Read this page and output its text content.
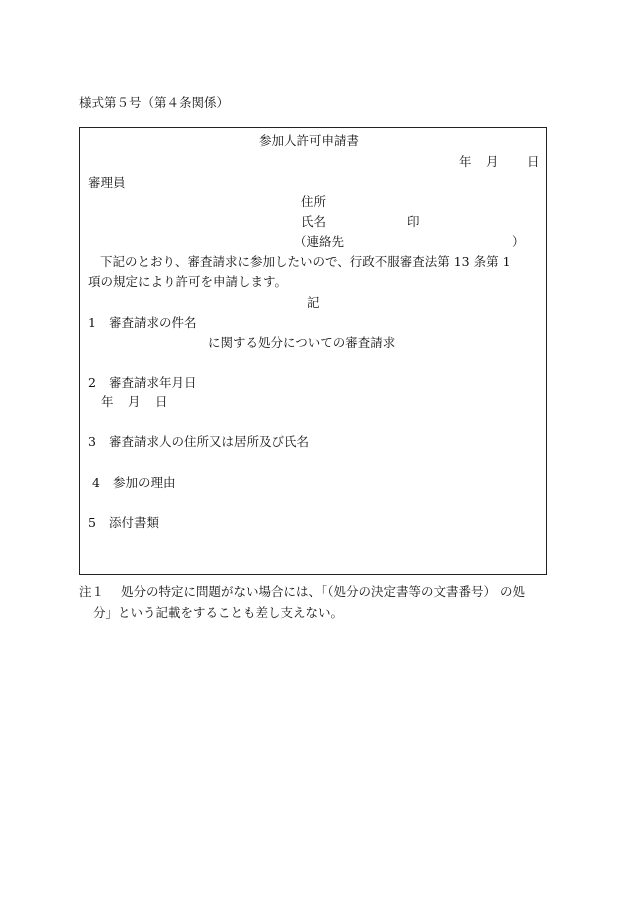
様式第５号（第４条関係）
参加人許可申請書
年 月 日
審理員
住所
氏名	印
（連絡先	）
下記のとおり、審査請求に参加したいので、行政不服審査法第 13 条第 1
項の規定により許可を申請します。
記
1 審査請求の件名
に関する処分についての審査請求
2 審査請求年月日
年 月 日
3 審査請求人の住所又は居所及び氏名
4 参加の理由
5 添付書類
注１ 処分の特定に問題がない場合には、「（処分の決定書等の文書番号） の処
分」という記載をすることも差し支えない。
